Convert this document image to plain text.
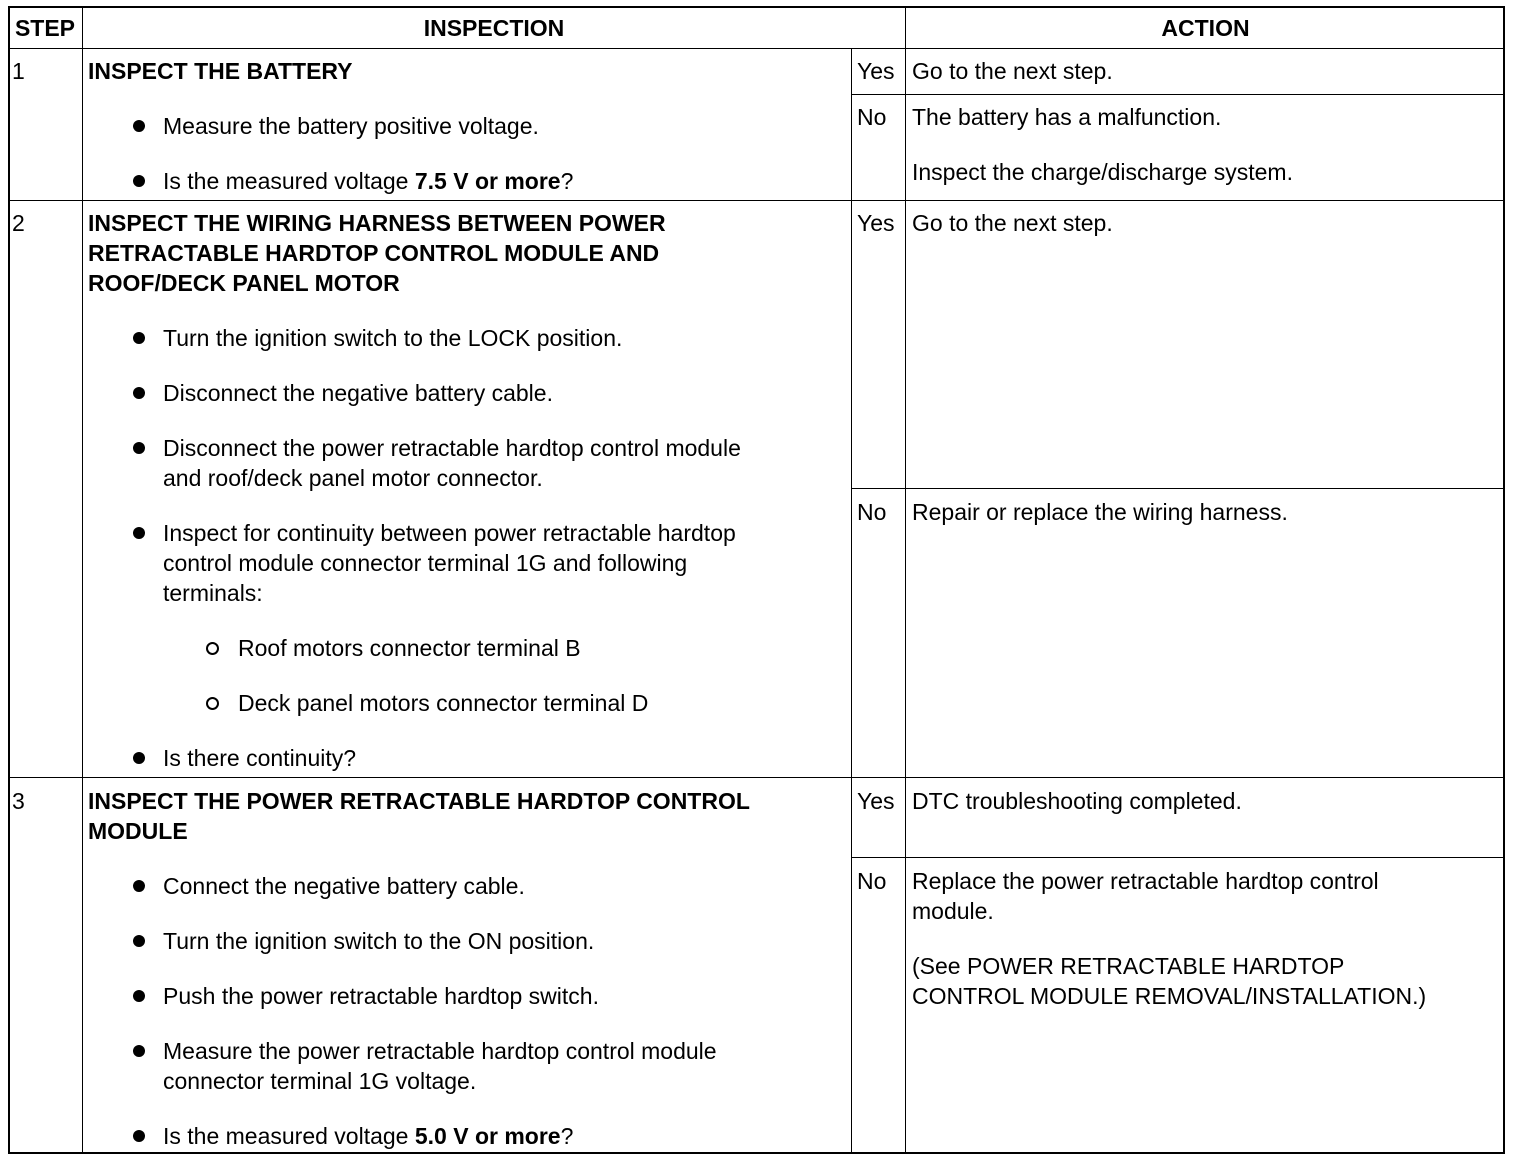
STEP	INSPECTION	ACTION
1	INSPECT THE BATTERY
Measure the battery positive voltage.
Is the measured voltage 7.5 V or more?
Yes Go to the next step.
No The battery has a malfunction.
Inspect the charge/discharge system.
2	INSPECT THE WIRING HARNESS BETWEEN POWER
RETRACTABLE HARDTOP CONTROL MODULE AND
ROOF/DECK PANEL MOTOR
Turn the ignition switch to the LOCK position.
Disconnect the negative battery cable.
Disconnect the power retractable hardtop control module
and roof/deck panel motor connector.
Inspect for continuity between power retractable hardtop
control module connector terminal 1G and following
terminals:
Roof motors connector terminal B
Deck panel motors connector terminal D
Is there continuity?
Yes Go to the next step.
No Repair or replace the wiring harness.
3	INSPECT THE POWER RETRACTABLE HARDTOP CONTROL
MODULE
Connect the negative battery cable.
Turn the ignition switch to the ON position.
Push the power retractable hardtop switch.
Measure the power retractable hardtop control module
connector terminal 1G voltage.
Is the measured voltage 5.0 V or more?
Yes DTC troubleshooting completed.
No Replace the power retractable hardtop control
module.
(See POWER RETRACTABLE HARDTOP
CONTROL MODULE REMOVAL/INSTALLATION.)
